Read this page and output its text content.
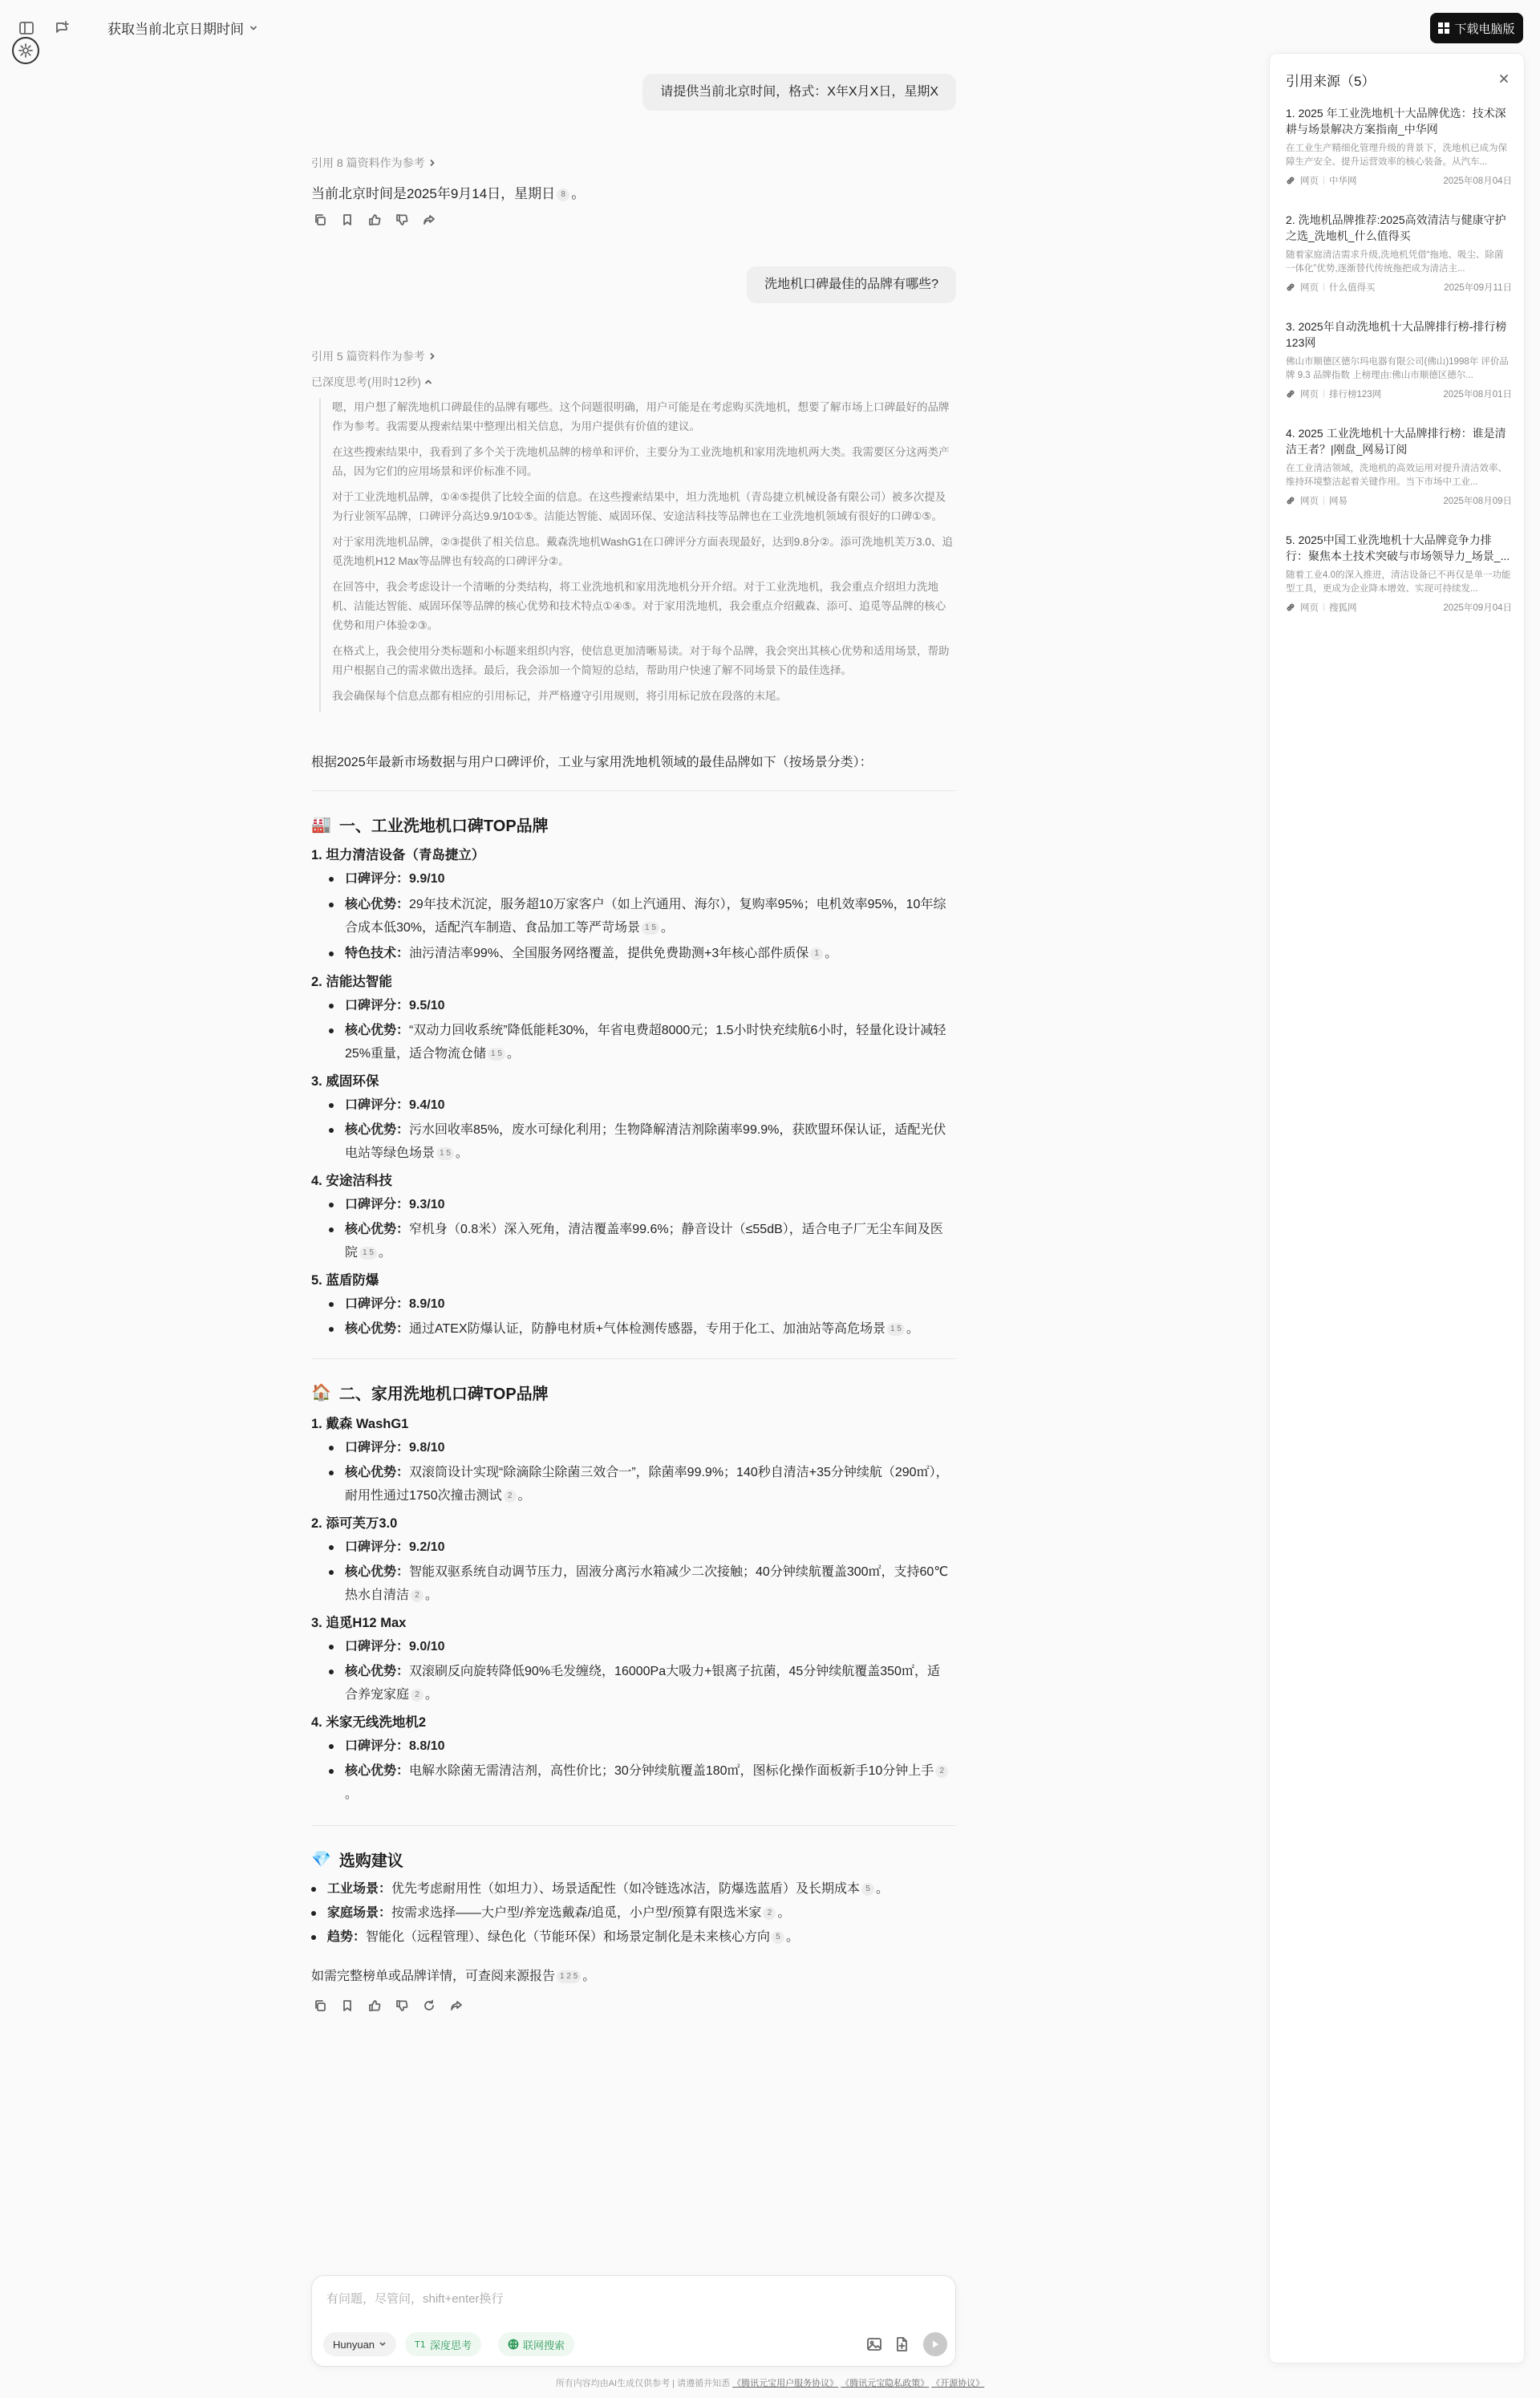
获取当前北京日期时间	下载电脑版
请提供当前北京时间，格式：X年X月X日，星期X
引用 8 篇资料作为参考
当前北京时间是2025年9月14日，星期日 8 。
洗地机口碑最佳的品牌有哪些?
引用 5 篇资料作为参考
已深度思考(用时12秒)

嗯，用户想了解洗地机口碑最佳的品牌有哪些。这个问题很明确，用户可能是在考虑购买洗地机，想要了解市场上口碑最好的品牌作为参考。我需要从搜索结果中整理出相关信息，为用户提供有价值的建议。

在这些搜索结果中，我看到了多个关于洗地机品牌的榜单和评价，主要分为工业洗地机和家用洗地机两大类。我需要区分这两类产品，因为它们的应用场景和评价标准不同。

对于工业洗地机品牌，①④⑤提供了比较全面的信息。在这些搜索结果中，坦力洗地机（青岛捷立机械设备有限公司）被多次提及为行业领军品牌，口碑评分高达9.9/10①⑤。洁能达智能、威固环保、安途洁科技等品牌也在工业洗地机领域有很好的口碑①⑤。

对于家用洗地机品牌，②③提供了相关信息。戴森洗地机WashG1在口碑评分方面表现最好，达到9.8分②。添可洗地机芙万3.0、追觅洗地机H12 Max等品牌也有较高的口碑评分②。

在回答中，我会考虑设计一个清晰的分类结构，将工业洗地机和家用洗地机分开介绍。对于工业洗地机，我会重点介绍坦力洗地机、洁能达智能、威固环保等品牌的核心优势和技术特点①④⑤。对于家用洗地机，我会重点介绍戴森、添可、追觅等品牌的核心优势和用户体验②③。

在格式上，我会使用分类标题和小标题来组织内容，使信息更加清晰易读。对于每个品牌，我会突出其核心优势和适用场景，帮助用户根据自己的需求做出选择。最后，我会添加一个简短的总结，帮助用户快速了解不同场景下的最佳选择。

我会确保每个信息点都有相应的引用标记，并严格遵守引用规则，将引用标记放在段落的末尾。

根据2025年最新市场数据与用户口碑评价，工业与家用洗地机领域的最佳品牌如下（按场景分类）：
🏭 一、工业洗地机口碑TOP品牌
1. 坦力清洁设备（青岛捷立）
口碑评分：9.9/10
核心优势：29年技术沉淀，服务超10万家客户（如上汽通用、海尔），复购率95%；电机效率95%，10年综合成本低30%，适配汽车制造、食品加工等严苛场景 1 5 。
特色技术：油污清洁率99%、全国服务网络覆盖，提供免费勘测+3年核心部件质保 1 。
2. 洁能达智能
口碑评分：9.5/10
核心优势：“双动力回收系统”降低能耗30%，年省电费超8000元；1.5小时快充续航6小时，轻量化设计减轻25%重量，适合物流仓储 1 5 。
3. 威固环保
口碑评分：9.4/10
核心优势：污水回收率85%，废水可绿化利用；生物降解清洁剂除菌率99.9%，获欧盟环保认证，适配光伏电站等绿色场景 1 5 。
4. 安途洁科技
口碑评分：9.3/10
核心优势：窄机身（0.8米）深入死角，清洁覆盖率99.6%；静音设计（≤55dB），适合电子厂无尘车间及医院 1 5 。
5. 蓝盾防爆
口碑评分：8.9/10
核心优势：通过ATEX防爆认证，防静电材质+气体检测传感器，专用于化工、加油站等高危场景 1 5 。
🏠 二、家用洗地机口碑TOP品牌
1. 戴森 WashG1
口碑评分：9.8/10
核心优势：双滚筒设计实现“除滴除尘除菌三效合一”，除菌率99.9%；140秒自清洁+35分钟续航（290㎡），耐用性通过1750次撞击测试 2 。
2. 添可芙万3.0
口碑评分：9.2/10
核心优势：智能双驱系统自动调节压力，固液分离污水箱减少二次接触；40分钟续航覆盖300㎡，支持60℃热水自清洁 2 。
3. 追觅H12 Max
口碑评分：9.0/10
核心优势：双滚刷反向旋转降低90%毛发缠绕，16000Pa大吸力+银离子抗菌，45分钟续航覆盖350㎡，适合养宠家庭 2 。
4. 米家无线洗地机2
口碑评分：8.8/10
核心优势：电解水除菌无需清洁剂，高性价比；30分钟续航覆盖180㎡，图标化操作面板新手10分钟上手 2。
💎 选购建议
工业场景：优先考虑耐用性（如坦力）、场景适配性（如冷链选冰洁，防爆选蓝盾）及长期成本 5 。
家庭场景：按需求选择——大户型/养宠选戴森/追觅，小户型/预算有限选米家 2 。
趋势：智能化（远程管理）、绿色化（节能环保）和场景定制化是未来核心方向 5 。
如需完整榜单或品牌详情，可查阅来源报告 1 2 5 。
有问题，尽管问，shift+enter换行
Hunyuan	T1 深度思考	联网搜索
所有内容均由AI生成仅供参考 | 请遵循并知悉 《腾讯元宝用户服务协议》 《腾讯元宝隐私政策》 《开源协议》
引用来源（5）
1. 2025 年工业洗地机十大品牌优选：技术深耕与场景解决方案指南_中华网
在工业生产精细化管理升级的背景下，洗地机已成为保障生产安全、提升运营效率的核心装备。从汽车...
网页 中华网	2025年08月04日
2. 洗地机品牌推荐:2025高效清洁与健康守护之选_洗地机_什么值得买
随着家庭清洁需求升级,洗地机凭借“拖地、吸尘、除菌一体化”优势,逐渐替代传统拖把成为清洁主...
网页 什么值得买	2025年09月11日
3. 2025年自动洗地机十大品牌排行榜-排行榜123网
佛山市顺德区德尔玛电器有限公司(佛山)1998年 评价品牌 9.3 品牌指数 上榜理由:佛山市顺德区德尔...
网页 排行榜123网	2025年08月01日
4. 2025 工业洗地机十大品牌排行榜：谁是清洁王者？|刚盘_网易订阅
在工业清洁领域，洗地机的高效运用对提升清洁效率、维持环境整洁起着关键作用。当下市场中工业...
网页 网易	2025年08月09日
5. 2025中国工业洗地机十大品牌竞争力排行：聚焦本土技术突破与市场领导力_场景_...
随着工业4.0的深入推进，清洁设备已不再仅是单一功能型工具，更成为企业降本增效、实现可持续发...
网页 搜狐网	2025年09月04日
